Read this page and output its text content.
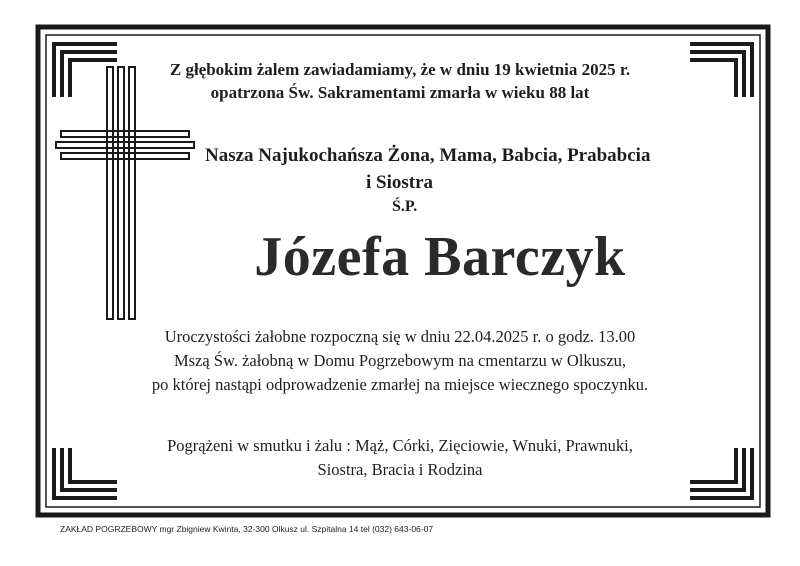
Z głębokim żalem zawiadamiamy, że w dniu 19 kwietnia 2025 r.
opatrzona Św. Sakramentami zmarła w wieku 88 lat
Nasza Najukochańsza Żona, Mama, Babcia, Prababcia
i Siostra
Ś.P.
Józefa Barczyk
Uroczystości żałobne rozpoczną się w dniu 22.04.2025 r. o godz. 13.00
Mszą Św. żałobną w Domu Pogrzebowym na cmentarzu w Olkuszu,
po której nastąpi odprowadzenie zmarłej na miejsce wiecznego spoczynku.
Pogrążeni w smutku i żalu : Mąż, Córki, Zięciowie, Wnuki, Prawnuki,
Siostra, Bracia i Rodzina
ZAKŁAD POGRZEBOWY mgr Zbigniew Kwinta, 32-300 Olkusz ul. Szpitalna 14 tel (032) 643-06-07
